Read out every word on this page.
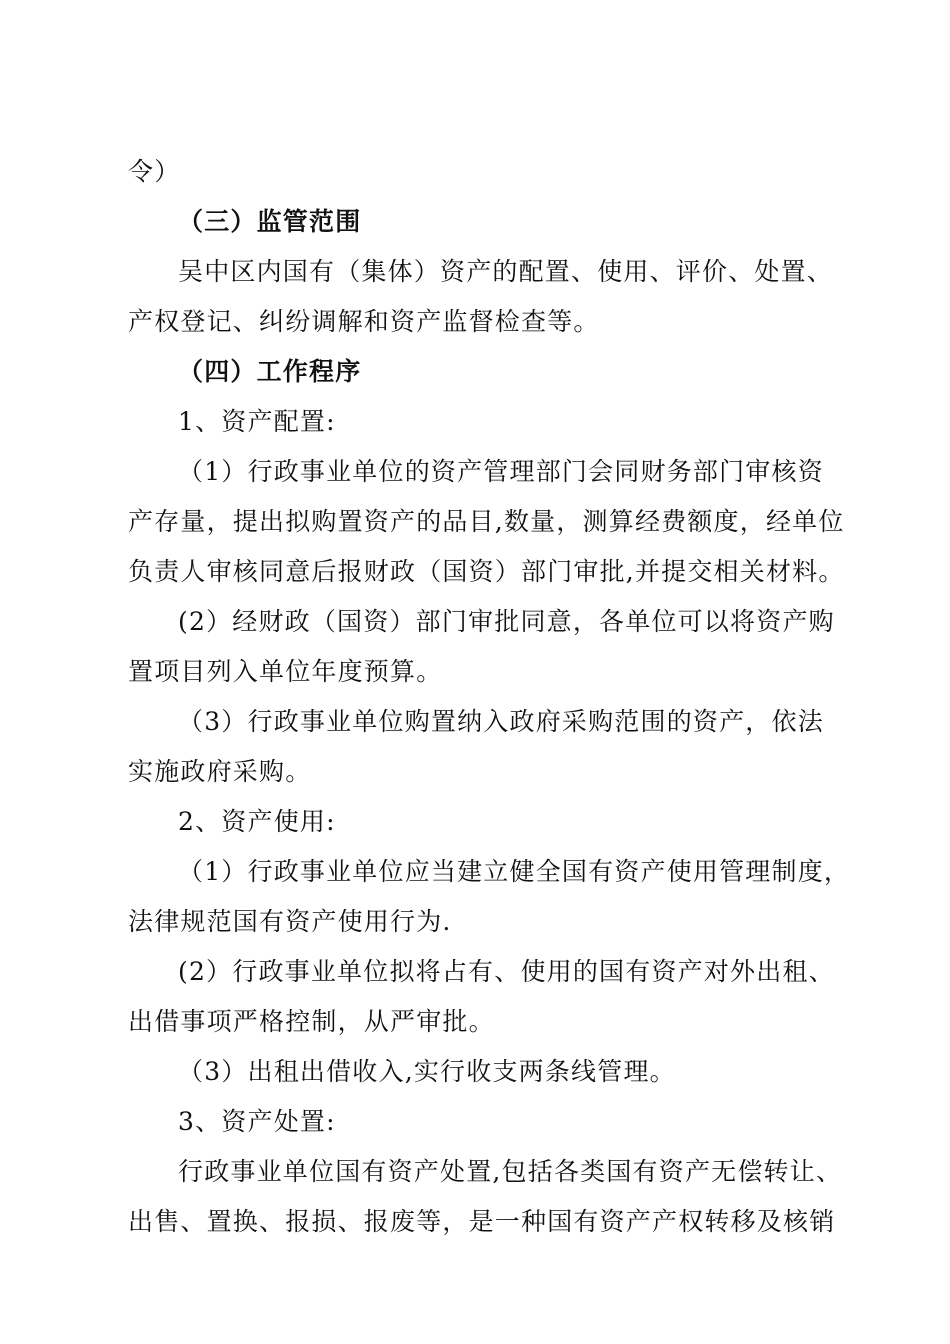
令）
（三）监管范围
吴中区内国有（集体）资产的配置、使用、评价、处置、
产权登记、纠纷调解和资产监督检查等。
（四）工作程序
1、资产配置:
（1）行政事业单位的资产管理部门会同财务部门审核资
产存量，提出拟购置资产的品目,数量，测算经费额度，经单位
负责人审核同意后报财政（国资）部门审批,并提交相关材料。
(2）经财政（国资）部门审批同意，各单位可以将资产购
置项目列入单位年度预算。
（3）行政事业单位购置纳入政府采购范围的资产，依法
实施政府采购。
2、资产使用:
（1）行政事业单位应当建立健全国有资产使用管理制度，
法律规范国有资产使用行为.
(2）行政事业单位拟将占有、使用的国有资产对外出租、
出借事项严格控制，从严审批。
（3）出租出借收入,实行收支两条线管理。
3、资产处置:
行政事业单位国有资产处置,包括各类国有资产无偿转让、
出售、置换、报损、报废等，是一种国有资产产权转移及核销
